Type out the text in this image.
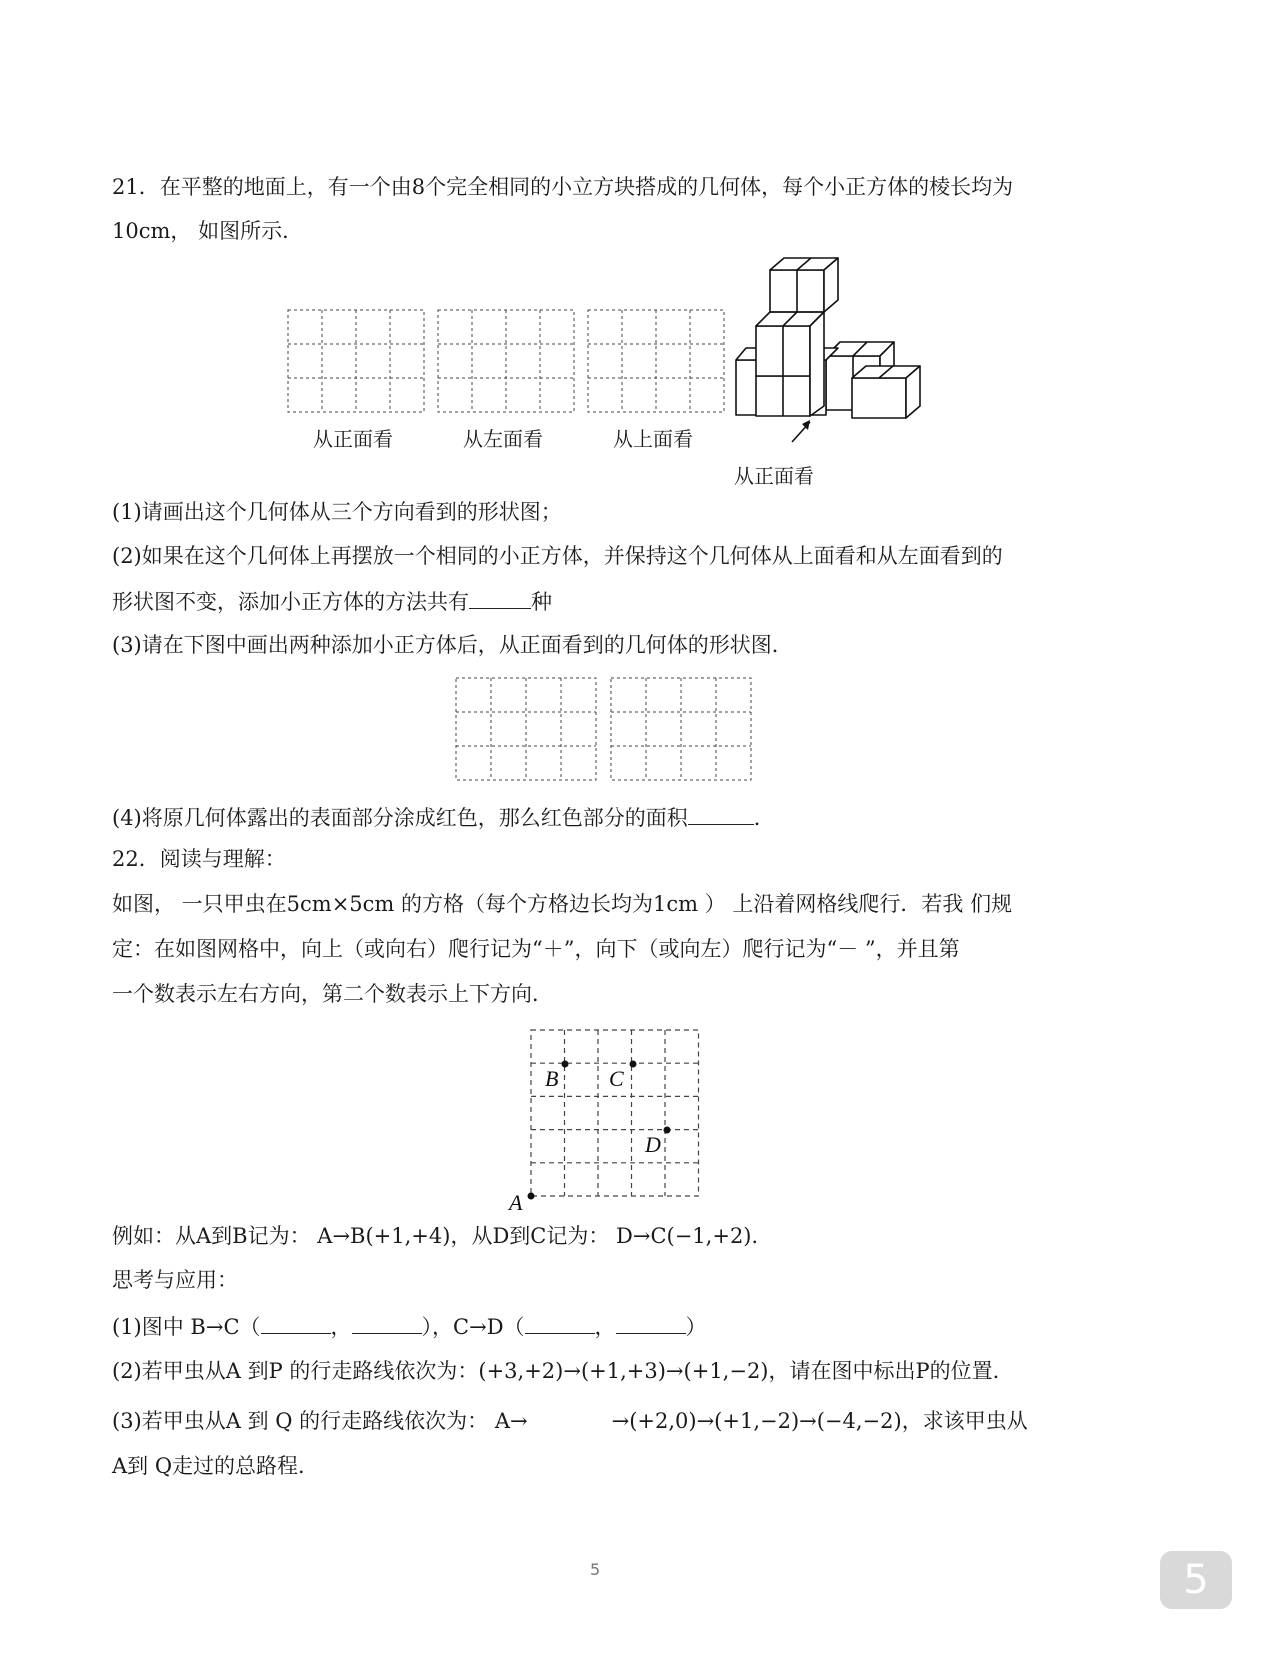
21．在平整的地面上，有一个由8个完全相同的小立方块搭成的几何体，每个小正方体的棱长均为
10cm， 如图所示．
从正面看	从左面看	从上面看
从正面看
(1)请画出这个几何体从三个方向看到的形状图；
(2)如果在这个几何体上再摆放一个相同的小正方体，并保持这个几何体从上面看和从左面看到的
形状图不变，添加小正方体的方法共有	种
(3)请在下图中画出两种添加小正方体后，从正面看到的几何体的形状图．
(4)将原几何体露出的表面部分涂成红色，那么红色部分的面积	．
22．阅读与理解：
如图， 一只甲虫在5cm×5cm 的方格（每个方格边长均为1cm ） 上沿着网格线爬行．若我 们规
定：在如图网格中，向上（或向右）爬行记为“＋”，向下（或向左）爬行记为“－ ”，并且第
一个数表示左右方向，第二个数表示上下方向．
A
B C
D
例如：从A到B记为： A→B(+1,+4)，从D到C记为： D→C(−1,+2)．
思考与应用：
(1)图中 B→C（	，	），C→D（	，	）
(2)若甲虫从A 到P 的行走路线依次为：(+3,+2)→(+1,+3)→(+1,−2)，请在图中标出P的位置．
(3)若甲虫从A 到 Q 的行走路线依次为： A→	→(+2,0)→(+1,−2)→(−4,−2)，求该甲虫从
A到 Q走过的总路程．
5	5
